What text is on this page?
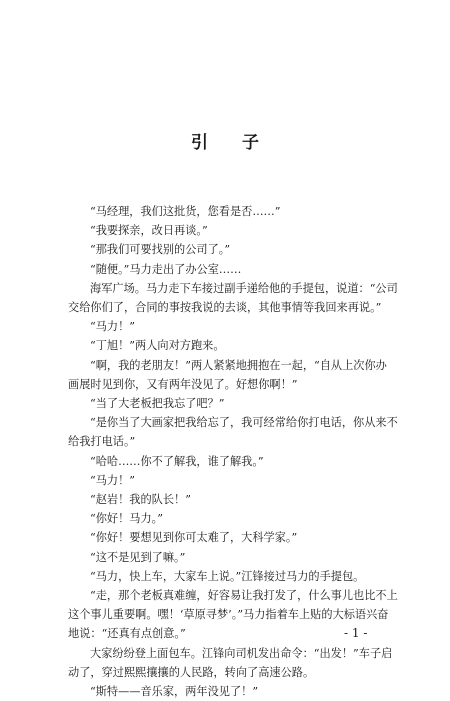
引 子

“马经理，我们这批货，您看是否……”

“我要探亲，改日再谈。”

“那我们可要找别的公司了。”

“随便。”马力走出了办公室……

海军广场。马力走下车接过副手递给他的手提包，说道：“公司交给你们了，合同的事按我说的去谈，其他事情等我回来再说。”

“马力！”

“丁旭！”两人向对方跑来。

“啊，我的老朋友！”两人紧紧地拥抱在一起，“自从上次你办画展时见到你，又有两年没见了。好想你啊！”

“当了大老板把我忘了吧？”

“是你当了大画家把我给忘了，我可经常给你打电话，你从来不给我打电话。”

“哈哈……你不了解我，谁了解我。”

“马力！”

“赵岩！我的队长！”

“你好！马力。”

“你好！要想见到你可太难了，大科学家。”

“这不是见到了嘛。”

“马力，快上车，大家车上说。”江锋接过马力的手提包。

“走，那个老板真难缠，好容易让我打发了，什么事儿也比不上这个事儿重要啊。嘿！‘草原寻梦’。”马力指着车上贴的大标语兴奋地说：“还真有点创意。”

大家纷纷登上面包车。江锋向司机发出命令：“出发！”车子启动了，穿过熙熙攘攘的人民路，转向了高速公路。

“斯特——音乐家，两年没见了！”

- 1 -
